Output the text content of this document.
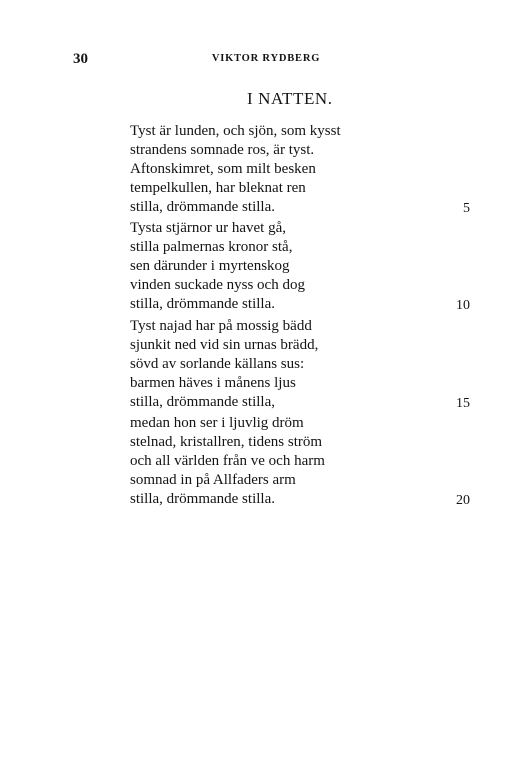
30	VIKTOR RYDBERG
I NATTEN.
Tyst är lunden, och sjön, som kysst
strandens somnade ros, är tyst.
Aftonskimret, som milt besken
tempelkullen, har bleknat ren
stilla, drömmande stilla.	5
Tysta stjärnor ur havet gå,
stilla palmernas kronor stå,
sen därunder i myrtenskog
vinden suckade nyss och dog
stilla, drömmande stilla.	10
Tyst najad har på mossig bädd
sjunkit ned vid sin urnas brädd,
sövd av sorlande källans sus:
barmen häves i månens ljus
stilla, drömmande stilla,	15
medan hon ser i ljuvlig dröm
stelnad, kristallren, tidens ström
och all världen från ve och harm
somnad in på Allfaders arm
stilla, drömmande stilla.	20
